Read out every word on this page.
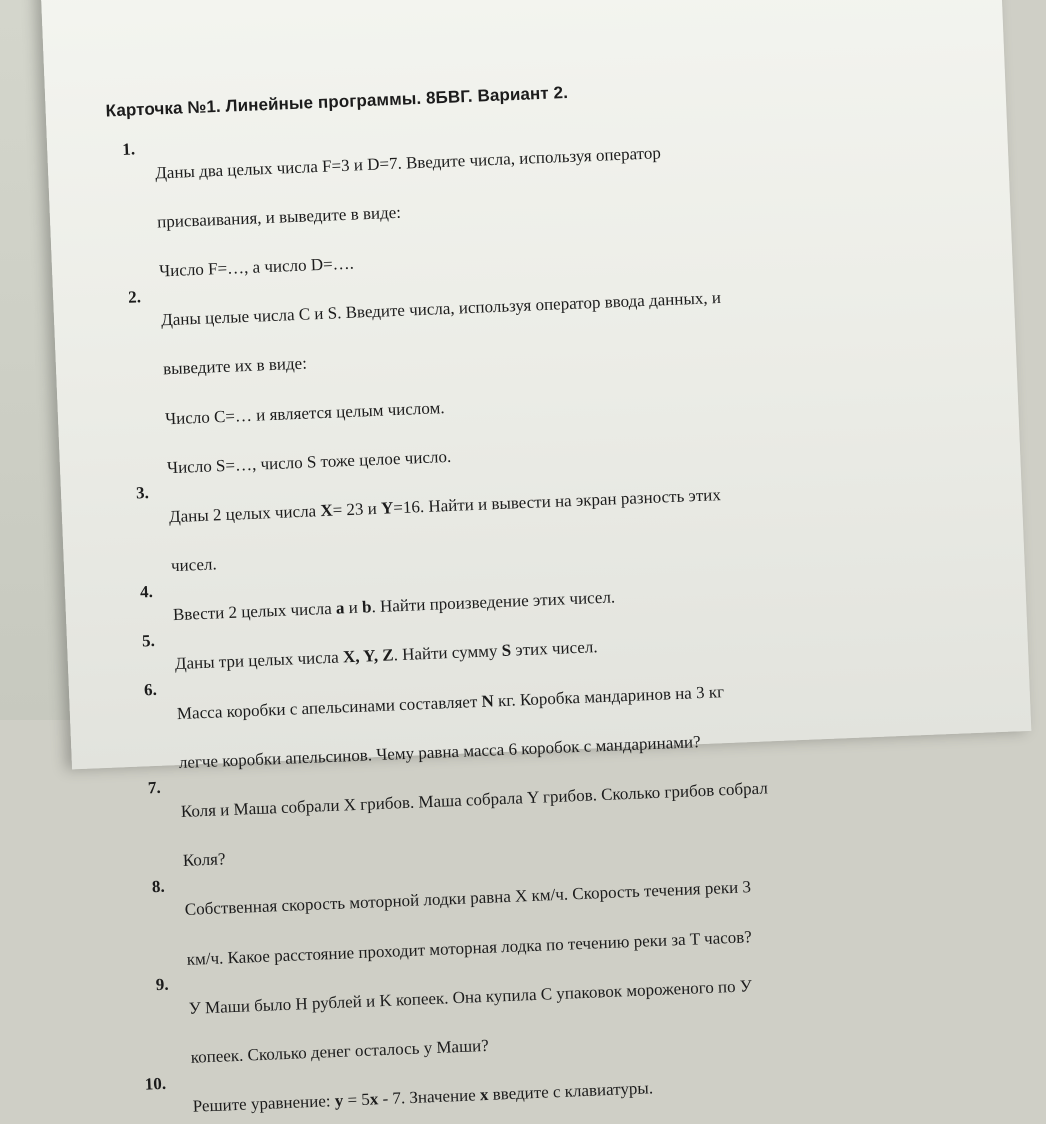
Карточка №1. Линейные программы. 8БВГ. Вариант 2.
1.	Даны два целых числа F=3 и D=7. Введите числа, используя оператор

присваивания, и выведите в виде:

Число F=…, а число D=….

2.	Даны целые числа C и S. Введите числа, используя оператор ввода данных, и

выведите их в виде:

Число C=… и является целым числом.

Число S=…, число S тоже целое число.

3.

Даны 2 целых числа X= 23 и Y=16. Найти и вывести на экран разность этих

чисел.

4.

Ввести 2 целых числа a и b. Найти произведение этих чисел.

5.

Даны три целых числа X, Y, Z. Найти сумму S этих чисел.

6.

Масса коробки с апельсинами составляет N кг. Коробка мандаринов на 3 кг

легче коробки апельсинов. Чему равна масса 6 коробок с мандаринами?

7.	Коля и Маша собрали X грибов. Маша собрала Y грибов. Сколько грибов собрал

Коля?

8.	Собственная скорость моторной лодки равна X км/ч. Скорость течения реки 3

км/ч. Какое расстояние проходит моторная лодка по течению реки за T часов?

9.	У Маши было H рублей и K копеек. Она купила C упаковок мороженого по У

копеек. Сколько денег осталось у Маши?

10.

Решите уравнение: y = 5x - 7. Значение x введите с клавиатуры.
